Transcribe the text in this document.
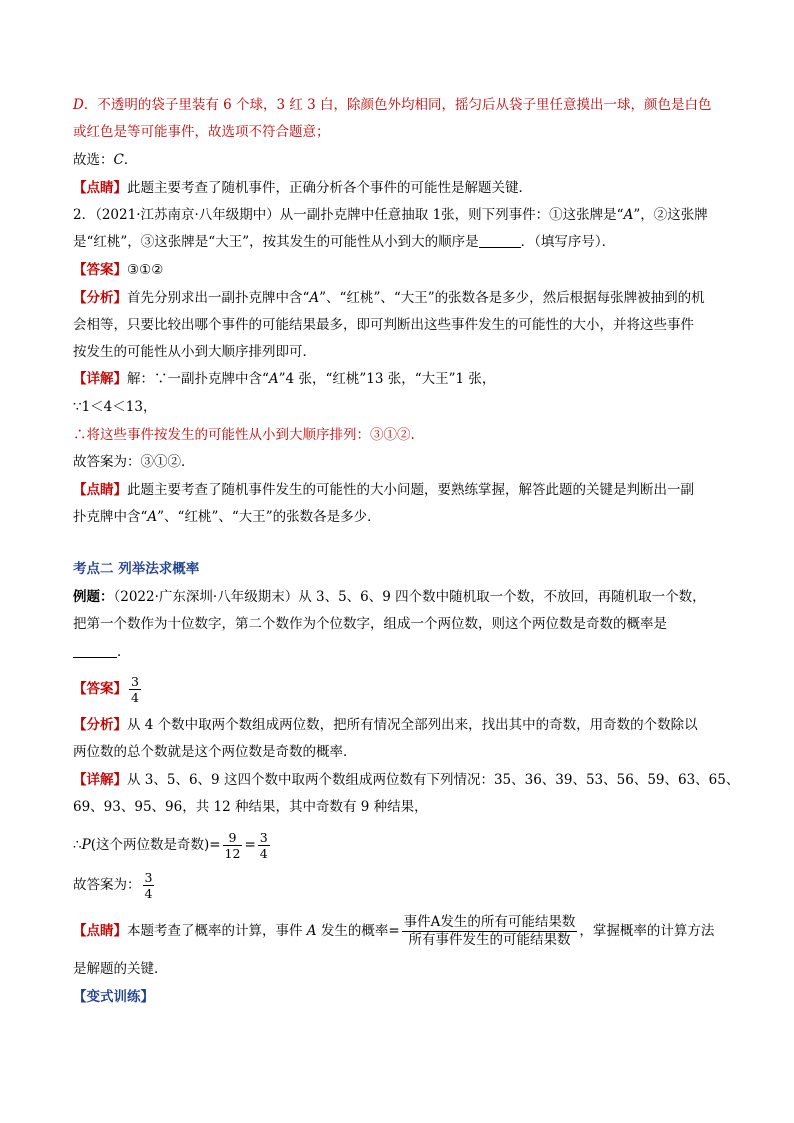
D．不透明的袋子里装有 6 个球，3 红 3 白，除颜色外均相同，摇匀后从袋子里任意摸出一球，颜色是白色
或红色是等可能事件，故选项不符合题意；
故选：C．
【点睛】此题主要考查了随机事件，正确分析各个事件的可能性是解题关键．
2．（2021·江苏南京·八年级期中）从一副扑克牌中任意抽取 1张，则下列事件：①这张牌是“A”，②这张牌
是“红桃”，③这张牌是“大王”，按其发生的可能性从小到大的顺序是	．（填写序号）．
【答案】③①②
【分析】首先分别求出一副扑克牌中含“A”、“红桃”、“大王”的张数各是多少，然后根据每张牌被抽到的机
会相等，只要比较出哪个事件的可能结果最多，即可判断出这些事件发生的可能性的大小，并将这些事件
按发生的可能性从小到大顺序排列即可．
【详解】解：∵一副扑克牌中含“A”4 张，“红桃”13 张，“大王”1 张，
∵1＜4＜13，
∴将这些事件按发生的可能性从小到大顺序排列：③①②.
故答案为：③①②．
【点睛】此题主要考查了随机事件发生的可能性的大小问题，要熟练掌握，解答此题的关键是判断出一副
扑克牌中含“A”、“红桃”、“大王”的张数各是多少．
考点二 列举法求概率
例题：（2022·广东深圳·八年级期末）从 3、5、6、9 四个数中随机取一个数，不放回，再随机取一个数，
把第一个数作为十位数字，第二个数作为个位数字，组成一个两位数，则这个两位数是奇数的概率是
．
【答案】 $\frac{3}{4}$
【分析】从 4 个数中取两个数组成两位数，把所有情况全部列出来，找出其中的奇数，用奇数的个数除以
两位数的总个数就是这个两位数是奇数的概率．
【详解】从 3、5、6、9 这四个数中取两个数组成两位数有下列情况：35、36、39、53、56、59、63、65、
69、93、95、96，共 12 种结果，其中奇数有 9 种结果，
∴P(这个两位数是奇数)= $\frac{9}{12} = \frac{3}{4}$
故答案为： $\frac{3}{4}$
【点睛】本题考查了概率的计算，事件 A 发生的概率= $\frac{\text{事件A发生的所有可能结果数}}{\text{所有事件发生的可能结果数}}$ ，掌握概率的计算方法
是解题的关键．
【变式训练】
